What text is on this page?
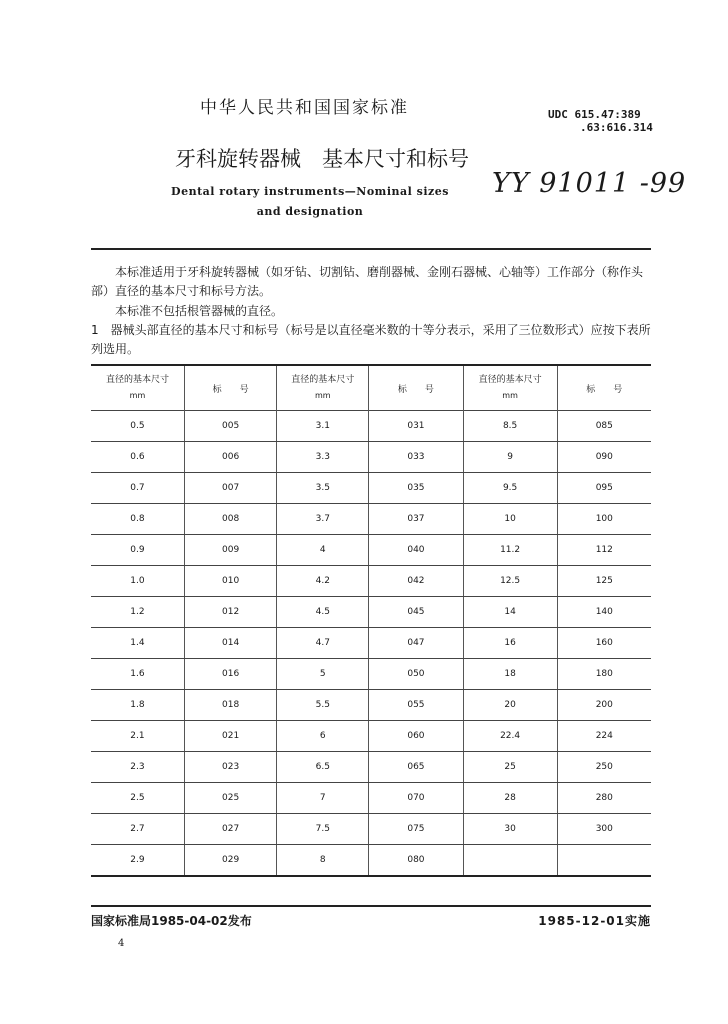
中华人民共和国国家标准	UDC 615.47:389
.63:616.314
牙科旋转器械　基本尺寸和标号
Dental rotary instruments—Nominal sizes
and designation
YY 91011 -99
本标准适用于牙科旋转器械（如牙钻、切割钻、磨削器械、金刚石器械、心轴等）工作部分（称作头部）直径的基本尺寸和标号方法。
本标准不包括根管器械的直径。
1　器械头部直径的基本尺寸和标号（标号是以直径毫米数的十等分表示，采用了三位数形式）应按下表所列选用。
直径的基本尺寸
mm	标号	直径的基本尺寸
mm	标号	直径的基本尺寸
mm	标号
0.5	005	3.1	031	8.5	085
0.6	006	3.3	033	9	090
0.7	007	3.5	035	9.5	095
0.8	008	3.7	037	10	100
0.9	009	4	040	11.2	112
1.0	010	4.2	042	12.5	125
1.2	012	4.5	045	14	140
1.4	014	4.7	047	16	160
1.6	016	5	050	18	180
1.8	018	5.5	055	20	200
2.1	021	6	060	22.4	224
2.3	023	6.5	065	25	250
2.5	025	7	070	28	280
2.7	027	7.5	075	30	300
2.9	029	8	080		
国家标准局1985-04-02发布	1985-12-01实施
4
